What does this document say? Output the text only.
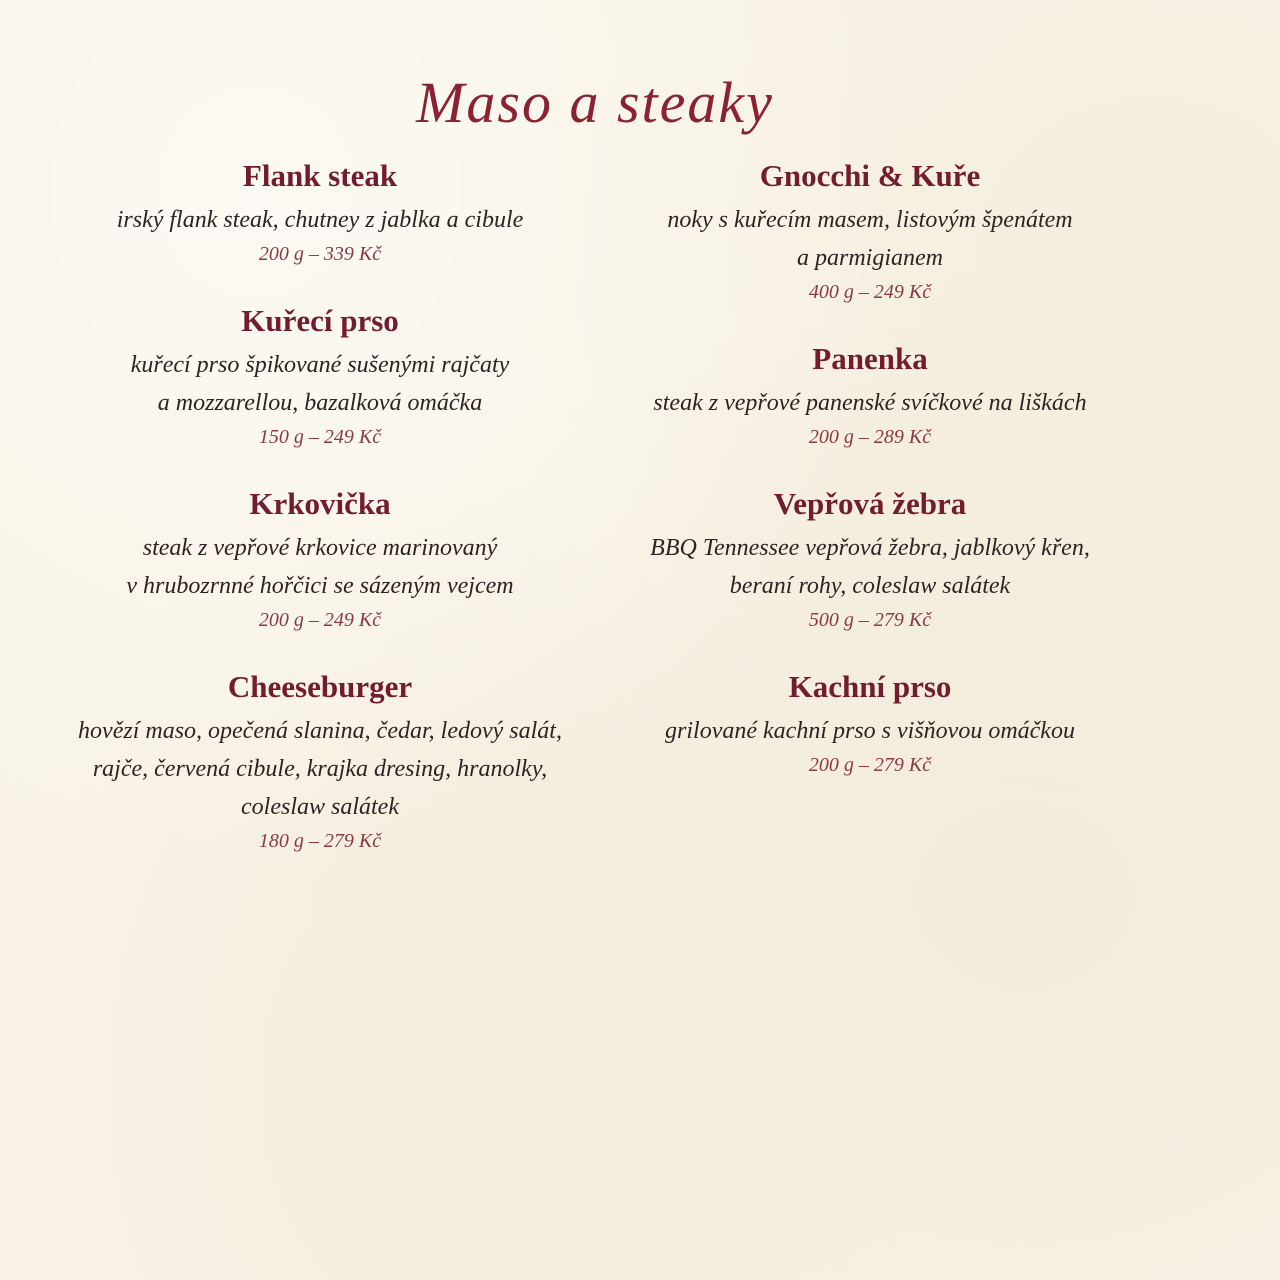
Maso a steaky
Flank steak

irský flank steak, chutney z jablka a cibule

200 g – 339 Kč

Kuřecí prso

kuřecí prso špikované sušenými rajčaty
a mozzarellou, bazalková omáčka

150 g – 249 Kč

Krkovička

steak z vepřové krkovice marinovaný
v hrubozrnné hořčici se sázeným vejcem

200 g – 249 Kč

Cheeseburger

hovězí maso, opečená slanina, čedar, ledový salát,
rajče, červená cibule, krajka dresing, hranolky,
coleslaw salátek

180 g – 279 Kč

Gnocchi & Kuře

noky s kuřecím masem, listovým špenátem
a parmigianem

400 g – 249 Kč

Panenka

steak z vepřové panenské svíčkové na liškách

200 g – 289 Kč

Vepřová žebra

BBQ Tennessee vepřová žebra, jablkový křen,
beraní rohy, coleslaw salátek

500 g – 279 Kč

Kachní prso

grilované kachní prso s višňovou omáčkou

200 g – 279 Kč
